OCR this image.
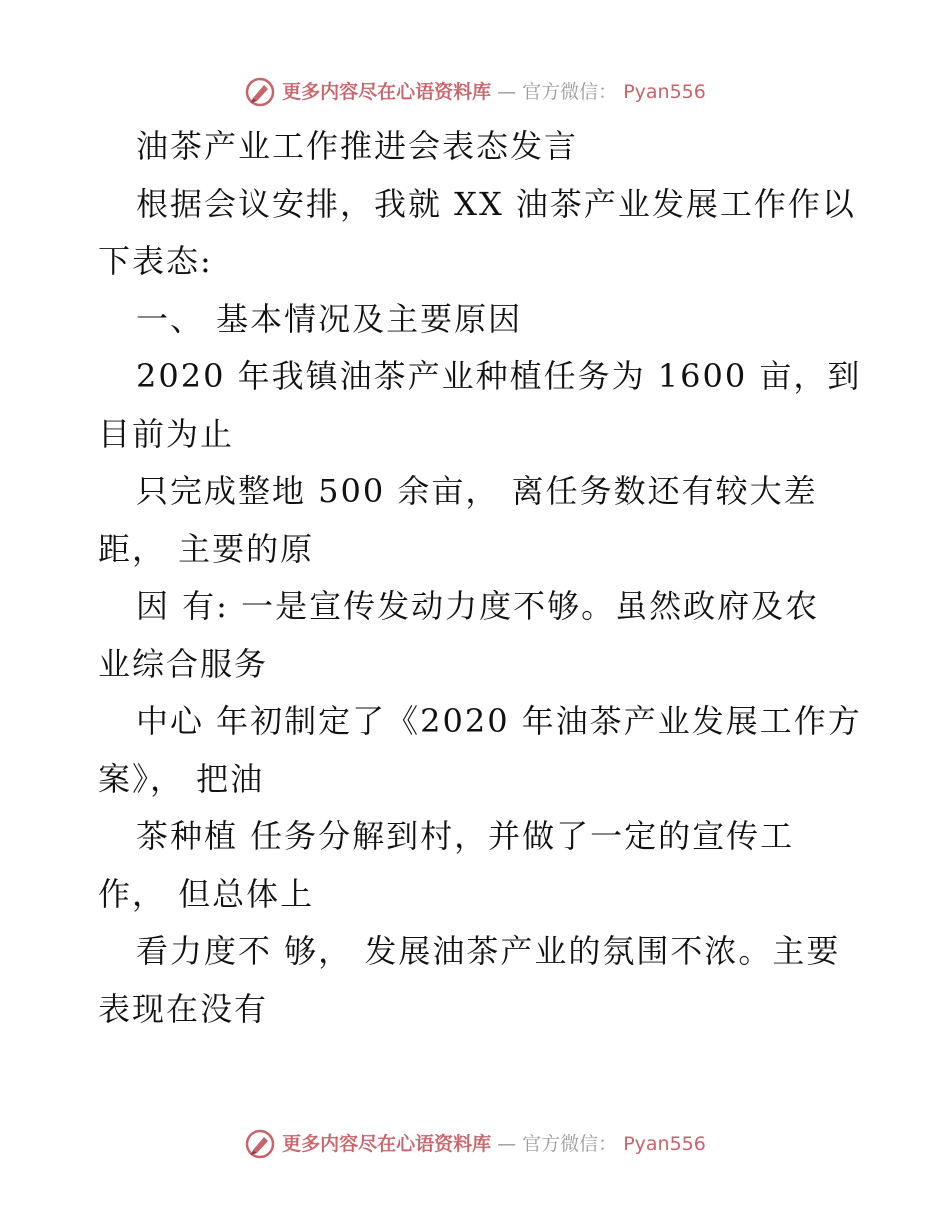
更多内容尽在心语资料库 — 官方微信： Pyan556
油茶产业工作推进会表态发言
根据会议安排，我就 XX 油茶产业发展工作作以
下表态:
一、 基本情况及主要原因
2020 年我镇油茶产业种植任务为 1600 亩，到
目前为止
只完成整地 500 余亩， 离任务数还有较大差
距， 主要的原
因 有: 一是宣传发动力度不够。虽然政府及农
业综合服务
中心 年初制定了《2020 年油茶产业发展工作方
案》， 把油
茶种植 任务分解到村，并做了一定的宣传工
作， 但总体上
看力度不 够， 发展油茶产业的氛围不浓。主要
表现在没有
更多内容尽在心语资料库 — 官方微信： Pyan556
